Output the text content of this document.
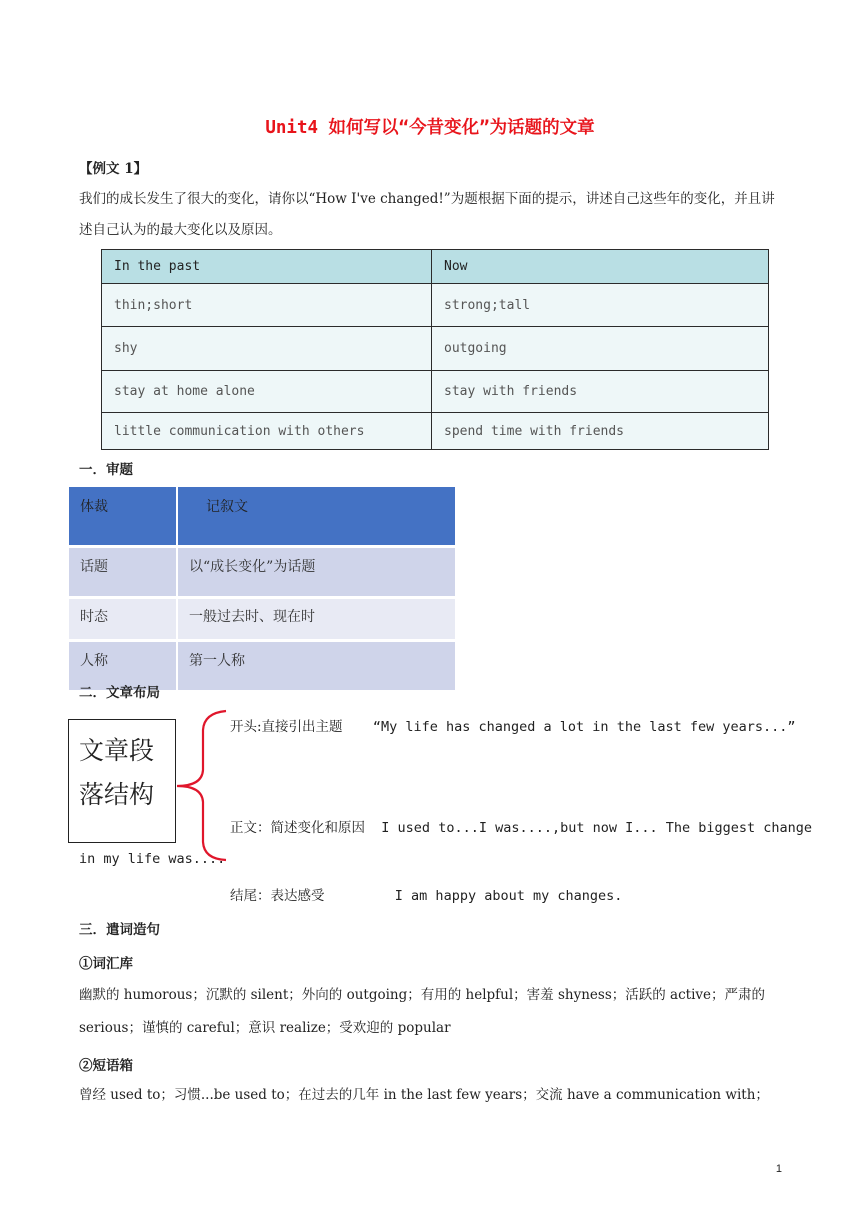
Unit4 如何写以“今昔变化”为话题的文章
【例文 1】
我们的成长发生了很大的变化，请你以“How I've changed!”为题根据下面的提示，讲述自己这些年的变化，并且讲述自己认为的最大变化以及原因。
In the past	Now
thin;short	strong;tall
shy	outgoing
stay at home alone	stay with friends
little communication with others	spend time with friends
一．审题
体裁	记叙文
话题	以“成长变化”为话题
时态	一般过去时、现在时
人称	第一人称
二．文章布局
文章段落结构
开头:直接引出主题 “My life has changed a lot in the last few years...”
正文：简述变化和原因 I used to...I was....,but now I... The biggest change
in my life was....
结尾：表达感受	I am happy about my changes.
三．遣词造句
①词汇库
幽默的 humorous；沉默的 silent；外向的 outgoing；有用的 helpful；害羞 shyness；活跃的 active；严肃的 serious；谨慎的 careful；意识 realize；受欢迎的 popular
②短语箱
曾经 used to；习惯...be used to；在过去的几年 in the last few years；交流 have a communication with；
1
